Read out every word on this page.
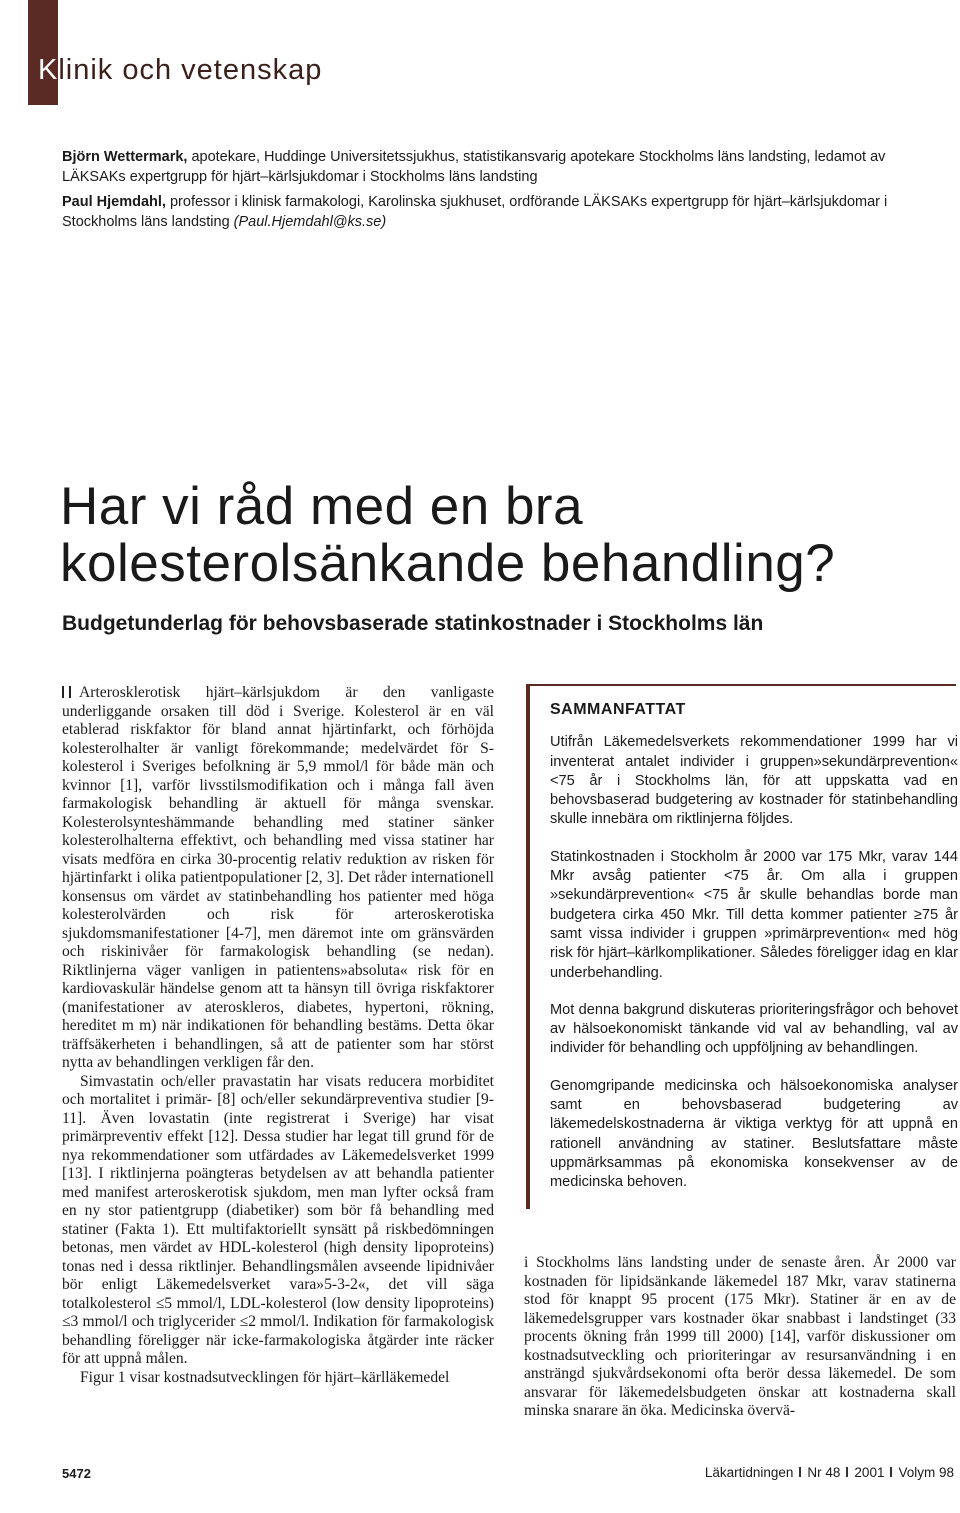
Klinik och vetenskap

Björn Wettermark, apotekare, Huddinge Universitetssjukhus, statistikansvarig apotekare Stockholms läns landsting, ledamot av LÄKSAKs expertgrupp för hjärt–kärlsjukdomar i Stockholms läns landsting

Paul Hjemdahl, professor i klinisk farmakologi, Karolinska sjukhuset, ordförande LÄKSAKs expertgrupp för hjärt–kärlsjukdomar i Stockholms läns landsting (Paul.Hjemdahl@ks.se)

Har vi råd med en bra
kolesterolsänkande behandling?
Budgetunderlag för behovsbaserade statinkostnader i Stockholms län

Arterosklerotisk hjärt–kärlsjukdom är den vanligaste underliggande orsaken till död i Sverige. Kolesterol är en väl etablerad riskfaktor för bland annat hjärtinfarkt, och förhöjda kolesterolhalter är vanligt förekommande; medelvärdet för S-kolesterol i Sveriges befolkning är 5,9 mmol/l för både män och kvinnor [1], varför livsstilsmodifikation och i många fall även farmakologisk behandling är aktuell för många svenskar. Kolesterolsynteshämmande behandling med statiner sänker kolesterolhalterna effektivt, och behandling med vissa statiner har visats medföra en cirka 30-procentig relativ reduktion av risken för hjärtinfarkt i olika patientpopulationer [2, 3]. Det råder internationell konsensus om värdet av statinbehandling hos patienter med höga kolesterolvärden och risk för arteroskerotiska sjukdomsmanifestationer [4-7], men däremot inte om gränsvärden och riskinivåer för farmakologisk behandling (se nedan). Riktlinjerna väger vanligen in patientens»absoluta« risk för en kardiovaskulär händelse genom att ta hänsyn till övriga riskfaktorer (manifestationer av ateroskleros, diabetes, hypertoni, rökning, hereditet m m) när indikationen för behandling bestäms. Detta ökar träffsäkerheten i behandlingen, så att de patienter som har störst nytta av behandlingen verkligen får den.

Simvastatin och/eller pravastatin har visats reducera morbiditet och mortalitet i primär- [8] och/eller sekundärpreventiva studier [9-11]. Även lovastatin (inte registrerat i Sverige) har visat primärpreventiv effekt [12]. Dessa studier har legat till grund för de nya rekommendationer som utfärdades av Läkemedelsverket 1999 [13]. I riktlinjerna poängteras betydelsen av att behandla patienter med manifest arteroskerotisk sjukdom, men man lyfter också fram en ny stor patientgrupp (diabetiker) som bör få behandling med statiner (Fakta 1). Ett multifaktoriellt synsätt på riskbedömningen betonas, men värdet av HDL-kolesterol (high density lipoproteins) tonas ned i dessa riktlinjer. Behandlingsmålen avseende lipidnivåer bör enligt Läkemedelsverket vara»5-3-2«, det vill säga totalkolesterol ≤5 mmol/l, LDL-kolesterol (low density lipoproteins) ≤3 mmol/l och triglycerider ≤2 mmol/l. Indikation för farmakologisk behandling föreligger när icke-farmakologiska åtgärder inte räcker för att uppnå målen.

Figur 1 visar kostnadsutvecklingen för hjärt–kärlläkemedel

SAMMANFATTAT

Utifrån Läkemedelsverkets rekommendationer 1999 har vi inventerat antalet individer i gruppen»sekundärprevention« <75 år i Stockholms län, för att uppskatta vad en behovsbaserad budgetering av kostnader för statinbehandling skulle innebära om riktlinjerna följdes.

Statinkostnaden i Stockholm år 2000 var 175 Mkr, varav 144 Mkr avsåg patienter <75 år. Om alla i gruppen »sekundärprevention« <75 år skulle behandlas borde man budgetera cirka 450 Mkr. Till detta kommer patienter ≥75 år samt vissa individer i gruppen »primärprevention« med hög risk för hjärt–kärlkomplikationer. Således föreligger idag en klar underbehandling.

Mot denna bakgrund diskuteras prioriteringsfrågor och behovet av hälsoekonomiskt tänkande vid val av behandling, val av individer för behandling och uppföljning av behandlingen.

Genomgripande medicinska och hälsoekonomiska analyser samt en behovsbaserad budgetering av läkemedelskostnaderna är viktiga verktyg för att uppnå en rationell användning av statiner. Beslutsfattare måste uppmärksammas på ekonomiska konsekvenser av de medicinska behoven.

i Stockholms läns landsting under de senaste åren. År 2000 var kostnaden för lipidsänkande läkemedel 187 Mkr, varav statinerna stod för knappt 95 procent (175 Mkr). Statiner är en av de läkemedelsgrupper vars kostnader ökar snabbast i landstinget (33 procents ökning från 1999 till 2000) [14], varför diskussioner om kostnadsutveckling och prioriteringar av resursanvändning i en ansträngd sjukvårdsekonomi ofta berör dessa läkemedel. De som ansvarar för läkemedelsbudgeten önskar att kostnaderna skall minska snarare än öka. Medicinska övervä-

5472	Läkartidningen Nr 48 2001 Volym 98
